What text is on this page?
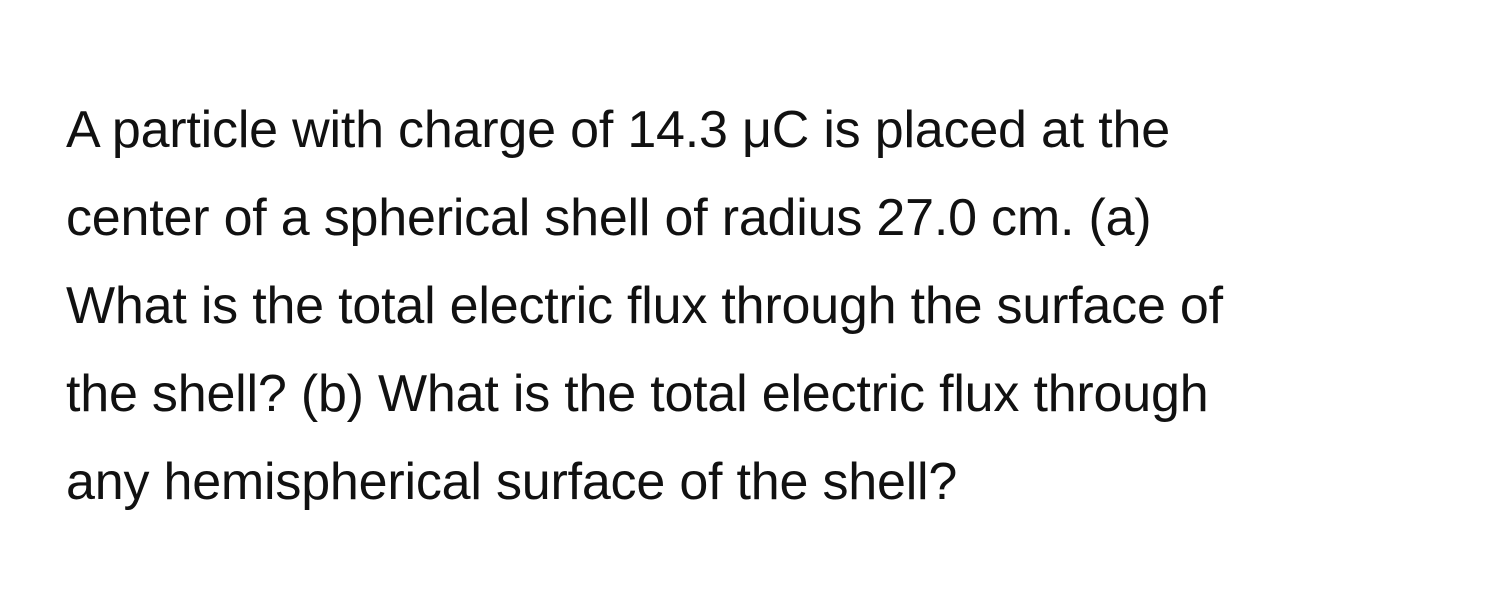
A particle with charge of 14.3 μC is placed at the
center of a spherical shell of radius 27.0 cm. (a)
What is the total electric flux through the surface of
the shell? (b) What is the total electric flux through
any hemispherical surface of the shell?
